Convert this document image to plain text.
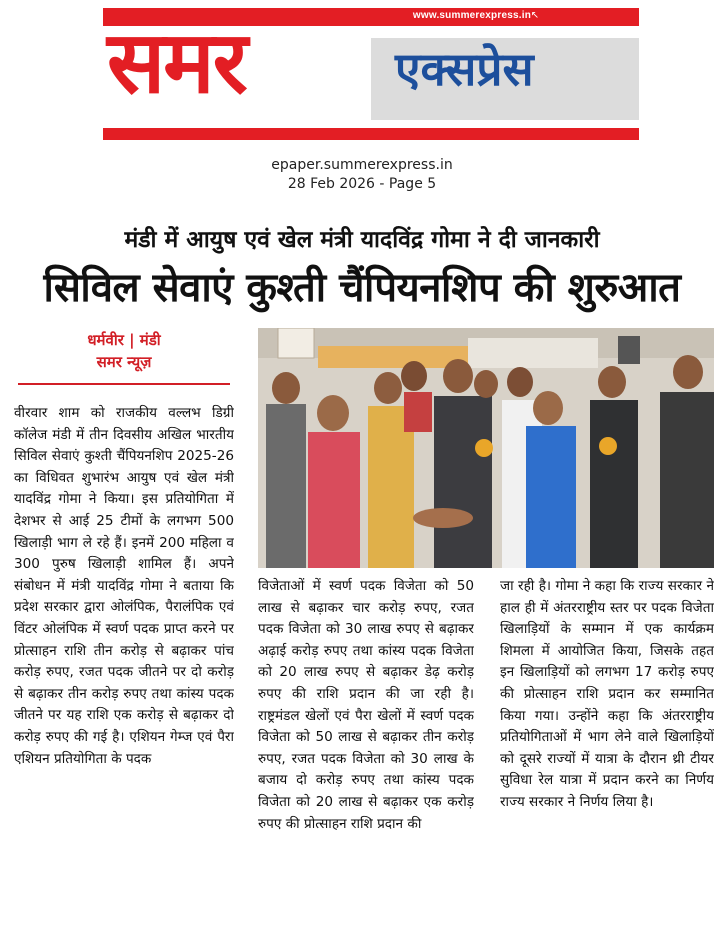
www.summerexpress.in ↖
समर	एक्सप्रेस
epaper.summerexpress.in
28 Feb 2026 - Page 5
मंडी में आयुष एवं खेल मंत्री यादविंद्र गोमा ने दी जानकारी
सिविल सेवाएं कुश्ती चैंपियनशिप की शुरुआत
धर्मवीर | मंडी
समर न्यूज़
वीरवार शाम को राजकीय वल्लभ डिग्री कॉलेज मंडी में तीन दिवसीय अखिल भारतीय सिविल सेवाएं कुश्ती चैंपियनशिप 2025-26 का विधिवत शुभारंभ आयुष एवं खेल मंत्री यादविंद्र गोमा ने किया। इस प्रतियोगिता में देशभर से आई 25 टीमों के लगभग 500 खिलाड़ी भाग ले रहे हैं। इनमें 200 महिला व 300 पुरुष खिलाड़ी शामिल हैं। अपने संबोधन में मंत्री यादविंद्र गोमा ने बताया कि प्रदेश सरकार द्वारा ओलंपिक, पैरालंपिक एवं विंटर ओलंपिक में स्वर्ण पदक प्राप्त करने पर प्रोत्साहन राशि तीन करोड़ से बढ़ाकर पांच करोड़ रुपए, रजत पदक जीतने पर दो करोड़ से बढ़ाकर तीन करोड़ रुपए तथा कांस्य पदक जीतने पर यह राशि एक करोड़ से बढ़ाकर दो करोड़ रुपए की गई है। एशियन गेम्ज एवं पैरा एशियन प्रतियोगिता के पदक
विजेताओं में स्वर्ण पदक विजेता को 50 लाख से बढ़ाकर चार करोड़ रुपए, रजत पदक विजेता को 30 लाख रुपए से बढ़ाकर अढ़ाई करोड़ रुपए तथा कांस्य पदक विजेता को 20 लाख रुपए से बढ़ाकर डेढ़ करोड़ रुपए की राशि प्रदान की जा रही है। राष्ट्रमंडल खेलों एवं पैरा खेलों में स्वर्ण पदक विजेता को 50 लाख से बढ़ाकर तीन करोड़ रुपए, रजत पदक विजेता को 30 लाख के बजाय दो करोड़ रुपए तथा कांस्य पदक विजेता को 20 लाख से बढ़ाकर एक करोड़ रुपए की प्रोत्साहन राशि प्रदान की
जा रही है। गोमा ने कहा कि राज्य सरकार ने हाल ही में अंतरराष्ट्रीय स्तर पर पदक विजेता खिलाड़ियों के सम्मान में एक कार्यक्रम शिमला में आयोजित किया, जिसके तहत इन खिलाड़ियों को लगभग 17 करोड़ रुपए की प्रोत्साहन राशि प्रदान कर सम्मानित किया गया। उन्होंने कहा कि अंतरराष्ट्रीय प्रतियोगिताओं में भाग लेने वाले खिलाड़ियों को दूसरे राज्यों में यात्रा के दौरान थ्री टीयर सुविधा रेल यात्रा में प्रदान करने का निर्णय राज्य सरकार ने निर्णय लिया है।
